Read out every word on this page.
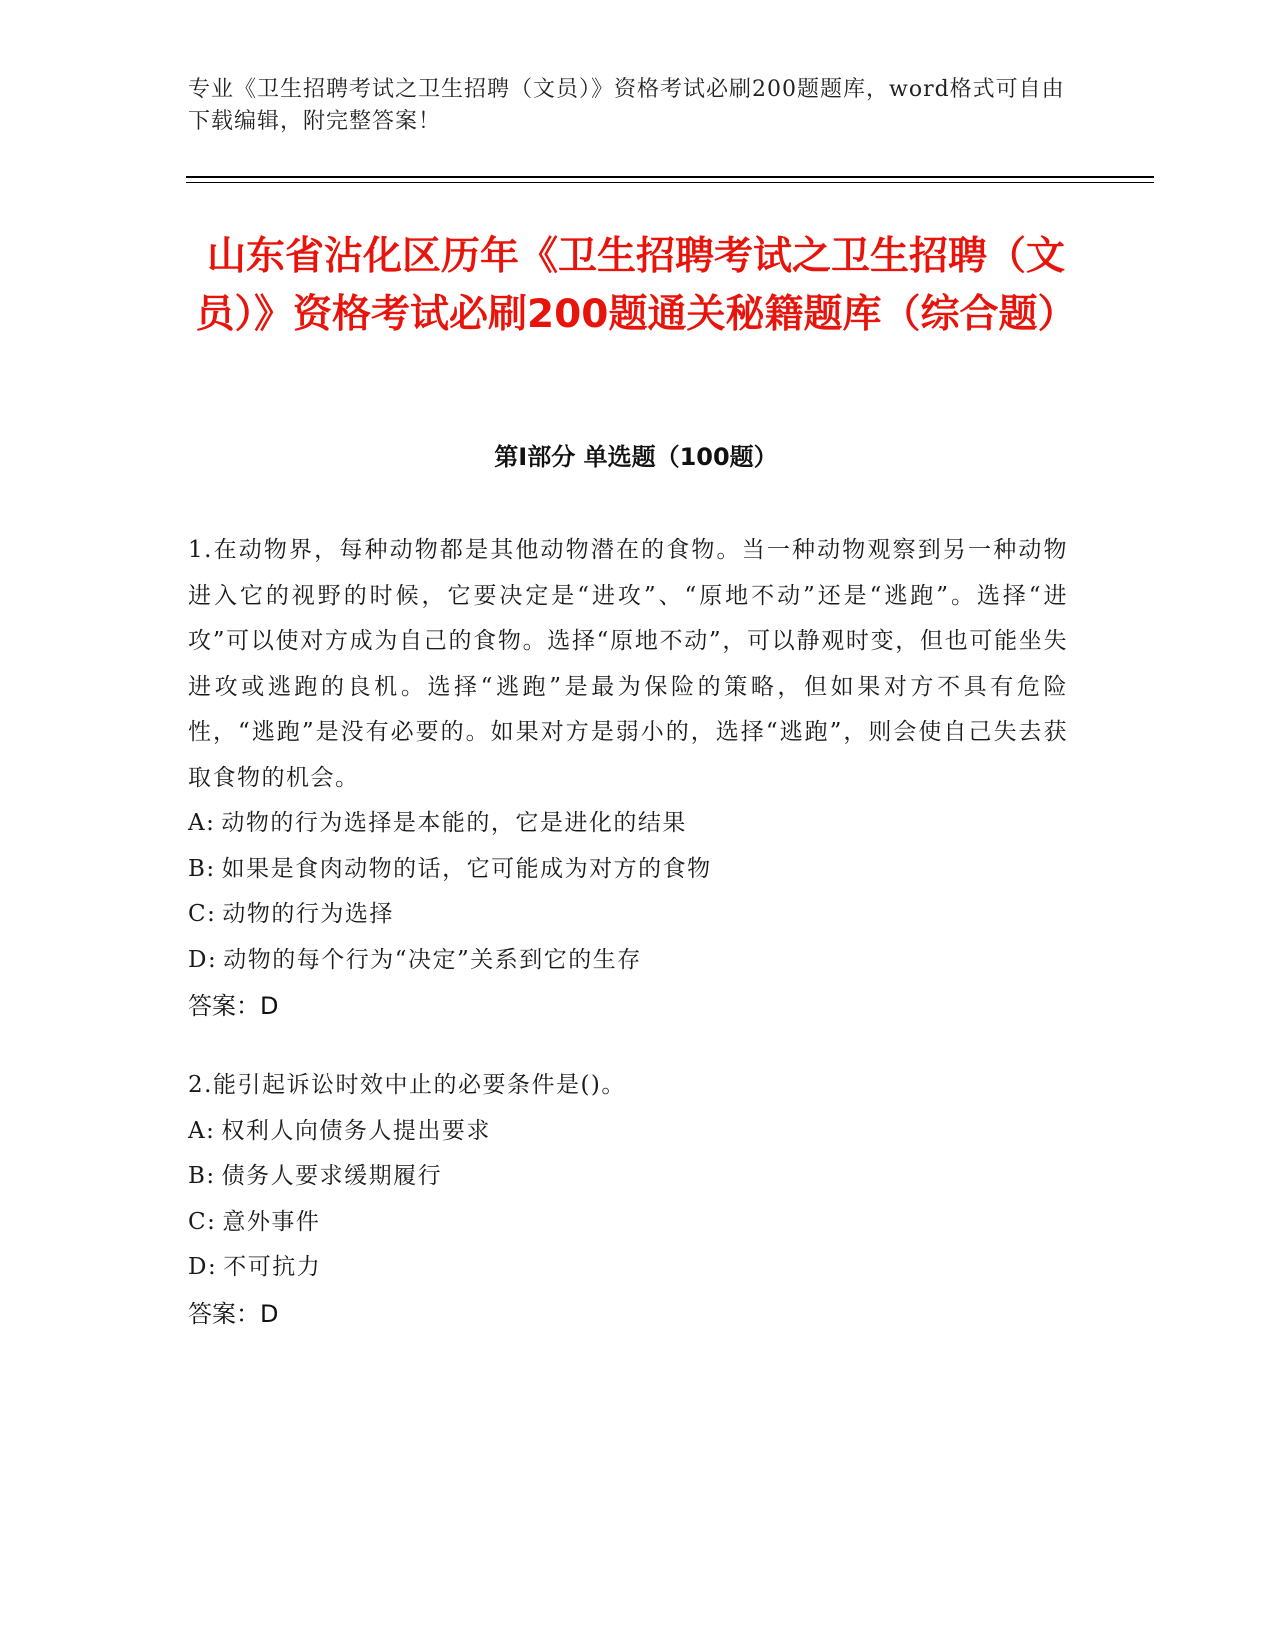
专业《卫生招聘考试之卫生招聘（文员）》资格考试必刷200题题库，word格式可自由下载编辑，附完整答案！
山东省沾化区历年《卫生招聘考试之卫生招聘（文员）》资格考试必刷200题通关秘籍题库（综合题）
第Ⅰ部分 单选题（100题）

1.在动物界，每种动物都是其他动物潜在的食物。当一种动物观察到另一种动物进入它的视野的时候，它要决定是“进攻”、“原地不动”还是“逃跑”。选择“进攻”可以使对方成为自己的食物。选择“原地不动”，可以静观时变，但也可能坐失进攻或逃跑的良机。选择“逃跑”是最为保险的策略，但如果对方不具有危险性，“逃跑”是没有必要的。如果对方是弱小的，选择“逃跑”，则会使自己失去获取食物的机会。

A: 动物的行为选择是本能的，它是进化的结果

B: 如果是食肉动物的话，它可能成为对方的食物

C: 动物的行为选择

D: 动物的每个行为“决定”关系到它的生存

答案：D

2.能引起诉讼时效中止的必要条件是()。

A: 权利人向债务人提出要求

B: 债务人要求缓期履行

C: 意外事件

D: 不可抗力

答案：D
